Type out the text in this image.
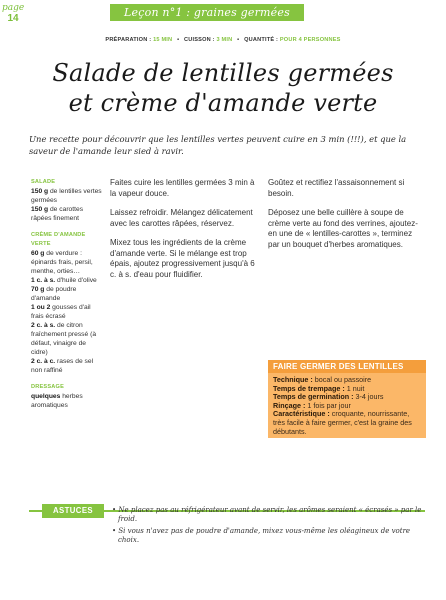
page
14	Leçon n°1 : graines germées
PRÉPARATION : 15 MIN • CUISSON : 3 MIN • QUANTITÉ : POUR 4 PERSONNES
Salade de lentilles germées
et crème d'amande verte
Une recette pour découvrir que les lentilles vertes peuvent cuire en 3 min (!!!), et que la saveur de l'amande leur sied à ravir.
SALADE

150 g de lentilles vertes germées

150 g de carottes râpées finement

CRÈME D'AMANDE VERTE

60 g de verdure : épinards frais, persil, menthe, orties…

1 c. à s. d'huile d'olive

70 g de poudre d'amande

1 ou 2 gousses d'ail frais écrasé

2 c. à s. de citron fraîchement pressé (à défaut, vinaigre de cidre)

2 c. à c. rases de sel non raffiné

DRESSAGE

quelques herbes aromatiques

Faites cuire les lentilles germées 3 min à la vapeur douce.

Laissez refroidir. Mélangez délicatement avec les carottes râpées, réservez.

Mixez tous les ingrédients de la crème d'amande verte. Si le mélange est trop épais, ajoutez progressivement jusqu'à 6 c. à s. d'eau pour fluidifier.

Goûtez et rectifiez l'assaisonnement si besoin.

Déposez une belle cuillère à soupe de crème verte au fond des verrines, ajoutez-en une de « lentilles-carottes », terminez par un bouquet d'herbes aromatiques.

FAIRE GERMER DES LENTILLES

Technique : bocal ou passoire

Temps de trempage : 1 nuit

Temps de germination : 3-4 jours

Rinçage : 1 fois par jour

Caractéristique : croquante, nourrissante, très facile à faire germer, c'est la graine des débutants.

ASTUCES	• Ne placez pas au réfrigérateur avant de servir, les arômes seraient « écrasés » par le froid.

• Si vous n'avez pas de poudre d'amande, mixez vous-même les oléagineux de votre choix.
